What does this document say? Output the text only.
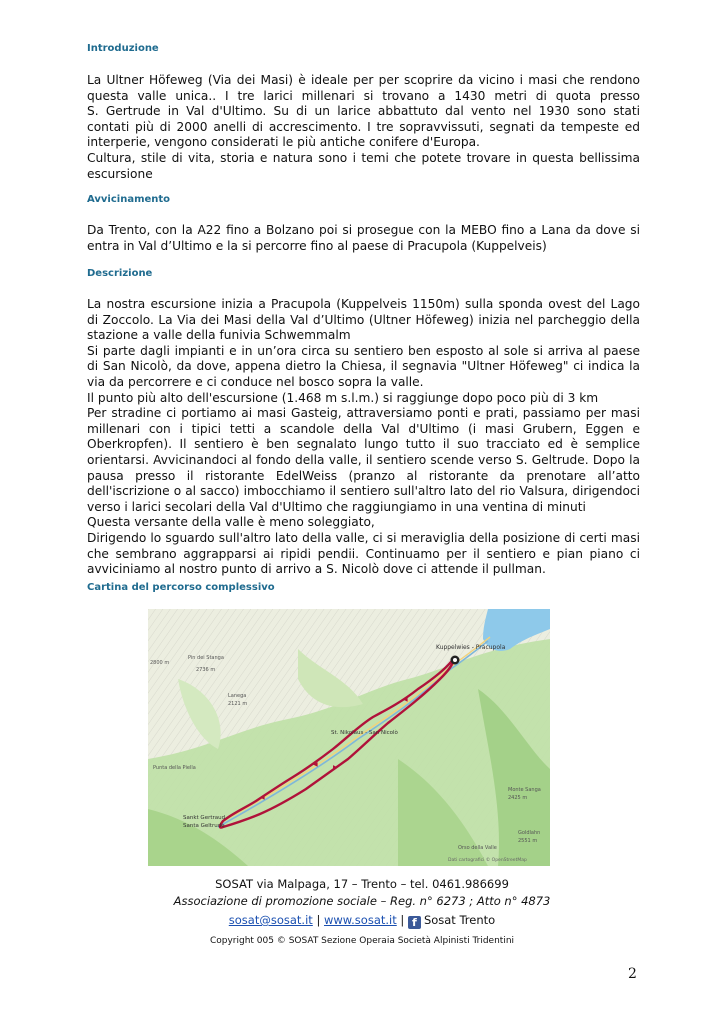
Introduzione
La Ultner Höfeweg (Via dei Masi) è ideale per per scoprire da vicino i masi che rendono
questa valle unica.. I tre larici millenari si trovano a 1430 metri di quota presso
S. Gertrude in Val d'Ultimo. Su di un larice abbattuto dal vento nel 1930 sono stati
contati più di 2000 anelli di accrescimento. I tre sopravvissuti, segnati da tempeste ed
interperie, vengono considerati le più antiche conifere d'Europa.
Cultura, stile di vita, storia e natura sono i temi che potete trovare in questa bellissima
escursione
Avvicinamento
Da Trento, con la A22 fino a Bolzano poi si prosegue con la MEBO fino a Lana da dove si
entra in Val d’Ultimo e la si percorre fino al paese di Pracupola (Kuppelveis)
Descrizione
La nostra escursione inizia a Pracupola (Kuppelveis 1150m) sulla sponda ovest del Lago
di Zoccolo. La Via dei Masi della Val d’Ultimo (Ultner Höfeweg) inizia nel parcheggio della
stazione a valle della funivia Schwemmalm
Si parte dagli impianti e in un’ora circa su sentiero ben esposto al sole si arriva al paese
di San Nicolò, da dove, appena dietro la Chiesa, il segnavia "Ultner Höfeweg" ci indica la
via da percorrere e ci conduce nel bosco sopra la valle.
Il punto più alto dell'escursione (1.468 m s.l.m.) si raggiunge dopo poco più di 3 km
Per stradine ci portiamo ai masi Gasteig, attraversiamo ponti e prati, passiamo per masi
millenari con i tipici tetti a scandole della Val d'Ultimo (i masi Grubern, Eggen e
Oberkropfen). Il sentiero è ben segnalato lungo tutto il suo tracciato ed è semplice
orientarsi. Avvicinandoci al fondo della valle, il sentiero scende verso S. Geltrude. Dopo la
pausa presso il ristorante EdelWeiss (pranzo al ristorante da prenotare all’atto
dell'iscrizione o al sacco) imbocchiamo il sentiero sull'altro lato del rio Valsura, dirigendoci
verso i larici secolari della Val d'Ultimo che raggiungiamo in una ventina di minuti
Questa versante della valle è meno soleggiato,
Dirigendo lo sguardo sull'altro lato della valle, ci si meraviglia della posizione di certi masi
che sembrano aggrapparsi ai ripidi pendii. Continuamo per il sentiero e pian piano ci
avviciniamo al nostro punto di arrivo a S. Nicolò dove ci attende il pullman.
Cartina del percorso complessivo
◀
◀
◀
▶
Kuppelwies - Pracupola
St. Nikolaus - San Nicolò
Sankt Gertraud
Santa Geltrude
2800 m
2736 m
Pin dei Stanga
Lanega
2121 m
Punta della Piella
Monte Sanga
2425 m
Goldlahn
2551 m
Orso della Valle
Dati cartografici © OpenStreetMap
SOSAT via Malpaga, 17 – Trento – tel. 0461.986699
Associazione di promozione sociale – Reg. n° 6273 ; Atto n° 4873
sosat@sosat.it | www.sosat.it | f Sosat Trento
Copyright 005 © SOSAT Sezione Operaia Società Alpinisti Tridentini
2
